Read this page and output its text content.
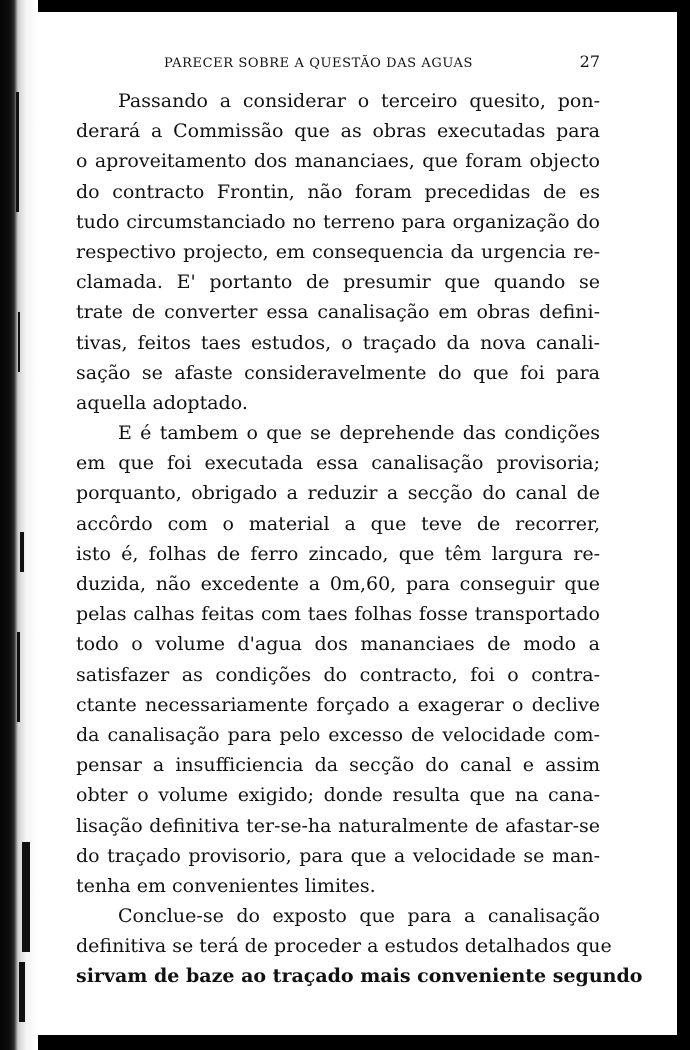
PARECER SOBRE A QUESTÃO DAS AGUAS	27
Passando a considerar o terceiro quesito, pon-
derará a Commissão que as obras executadas para
o aproveitamento dos mananciaes, que foram objecto
do contracto Frontin, não foram precedidas de es
tudo circumstanciado no terreno para organização do
respectivo projecto, em consequencia da urgencia re-
clamada. E' portanto de presumir que quando se
trate de converter essa canalisação em obras defini-
tivas, feitos taes estudos, o traçado da nova canali-
sação se afaste consideravelmente do que foi para
aquella adoptado.
E é tambem o que se deprehende das condições
em que foi executada essa canalisação provisoria;
porquanto, obrigado a reduzir a secção do canal de
accôrdo com o material a que teve de recorrer,
isto é, folhas de ferro zincado, que têm largura re-
duzida, não excedente a 0m,60, para conseguir que
pelas calhas feitas com taes folhas fosse transportado
todo o volume d'agua dos mananciaes de modo a
satisfazer as condições do contracto, foi o contra-
ctante necessariamente forçado a exagerar o declive
da canalisação para pelo excesso de velocidade com-
pensar a insufficiencia da secção do canal e assim
obter o volume exigido; donde resulta que na cana-
lisação definitiva ter-se-ha naturalmente de afastar-se
do traçado provisorio, para que a velocidade se man-
tenha em convenientes limites.
Conclue-se do exposto que para a canalisação
definitiva se terá de proceder a estudos detalhados que
sirvam de baze ao traçado mais conveniente segundo
